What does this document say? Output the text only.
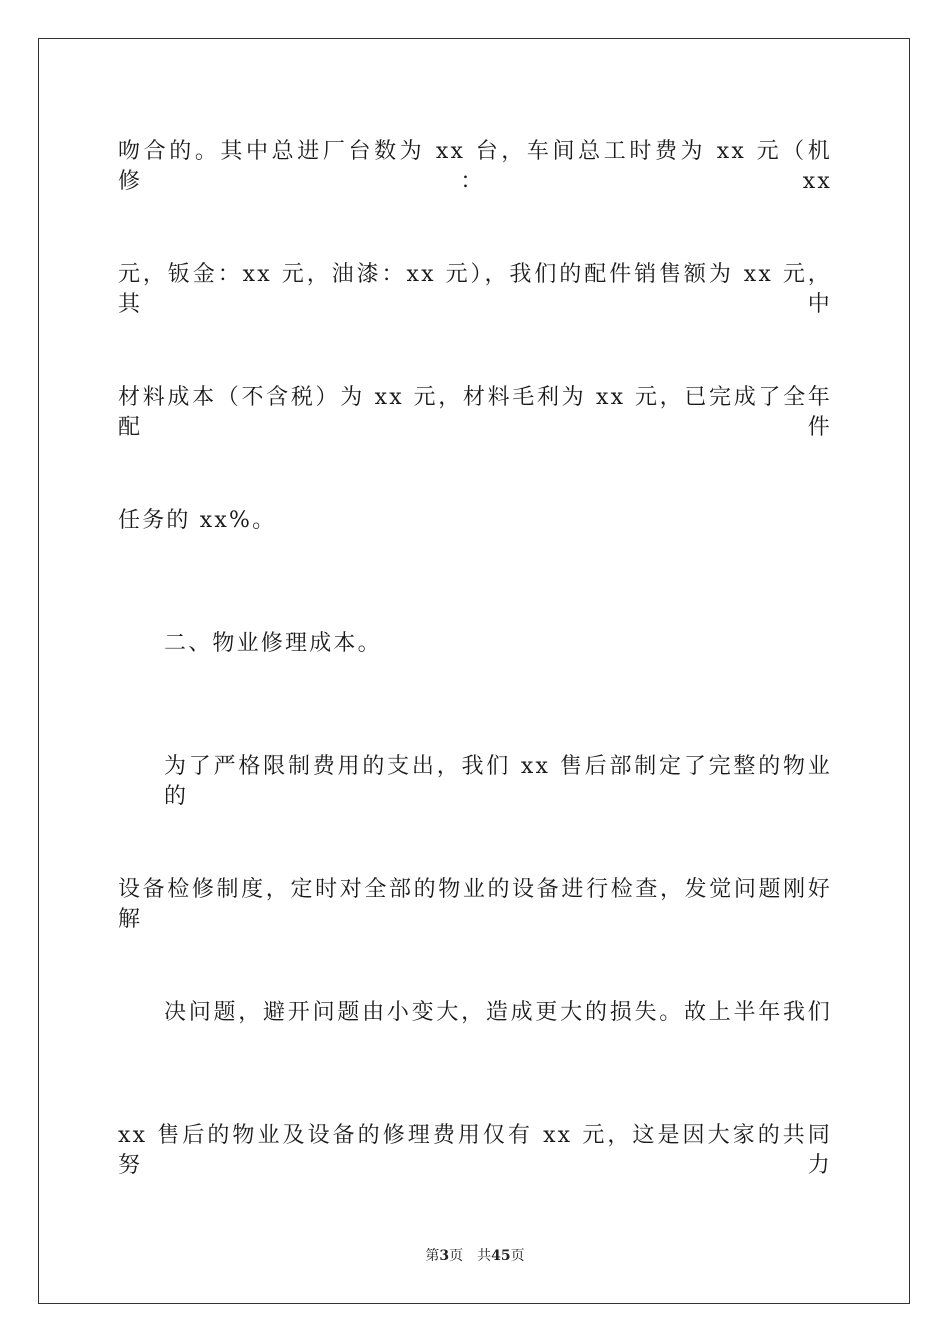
吻合的。其中总进厂台数为 xx 台，车间总工时费为 xx 元（机修：xx
元，钣金：xx 元，油漆：xx 元），我们的配件销售额为 xx 元，其中
材料成本（不含税）为 xx 元，材料毛利为 xx 元，已完成了全年配件
任务的 xx%。
二、物业修理成本。
为了严格限制费用的支出，我们 xx 售后部制定了完整的物业的
设备检修制度，定时对全部的物业的设备进行检查，发觉问题刚好解
决问题，避开问题由小变大，造成更大的损失。故上半年我们
xx 售后的物业及设备的修理费用仅有 xx 元，这是因大家的共同努力
第3页 共45页
